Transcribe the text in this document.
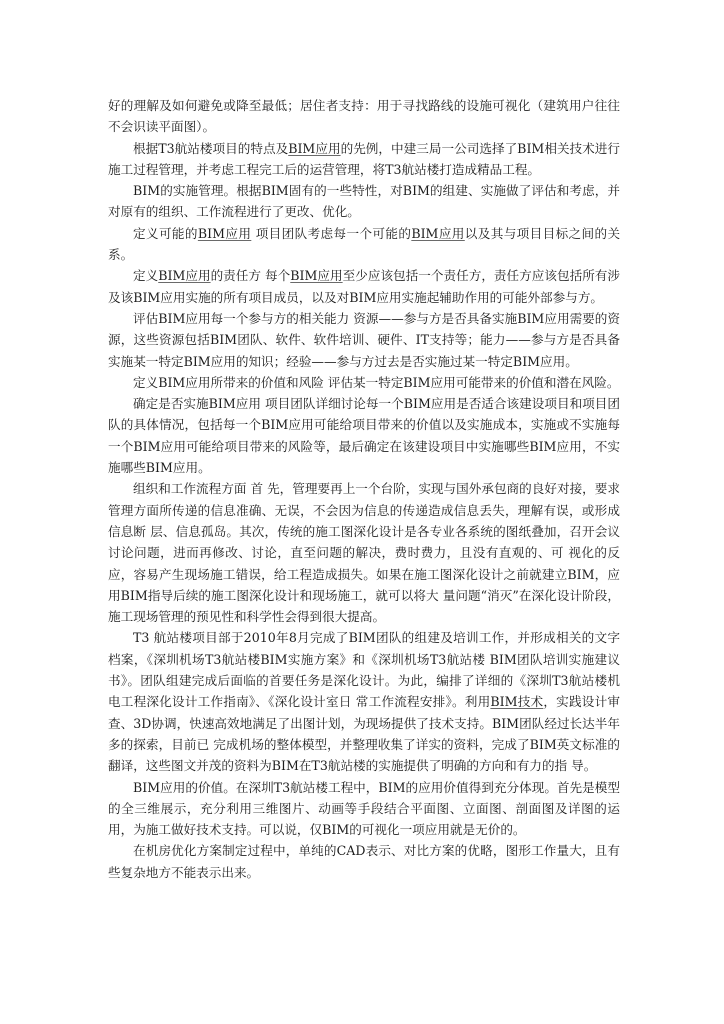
好的理解及如何避免或降至最低；居住者支持：用于寻找路线的设施可视化（建筑用户往往不会识读平面图）。

根据T3航站楼项目的特点及BIM应用的先例，中建三局一公司选择了BIM相关技术进行施工过程管理，并考虑工程完工后的运营管理，将T3航站楼打造成精品工程。

BIM的实施管理。根据BIM固有的一些特性，对BIM的组建、实施做了评估和考虑，并对原有的组织、工作流程进行了更改、优化。

定义可能的BIM应用 项目团队考虑每一个可能的BIM应用以及其与项目目标之间的关系。

定义BIM应用的责任方 每个BIM应用至少应该包括一个责任方，责任方应该包括所有涉及该BIM应用实施的所有项目成员，以及对BIM应用实施起辅助作用的可能外部参与方。

评估BIM应用每一个参与方的相关能力 资源——参与方是否具备实施BIM应用需要的资源，这些资源包括BIM团队、软件、软件培训、硬件、IT支持等；能力——参与方是否具备实施某一特定BIM应用的知识；经验——参与方过去是否实施过某一特定BIM应用。

定义BIM应用所带来的价值和风险 评估某一特定BIM应用可能带来的价值和潜在风险。

确定是否实施BIM应用 项目团队详细讨论每一个BIM应用是否适合该建设项目和项目团队的具体情况，包括每一个BIM应用可能给项目带来的价值以及实施成本，实施或不实施每一个BIM应用可能给项目带来的风险等，最后确定在该建设项目中实施哪些BIM应用，不实施哪些BIM应用。

组织和工作流程方面 首 先，管理要再上一个台阶，实现与国外承包商的良好对接，要求管理方面所传递的信息准确、无误，不会因为信息的传递造成信息丢失，理解有误，或形成信息断 层、信息孤岛。其次，传统的施工图深化设计是各专业各系统的图纸叠加，召开会议讨论问题，进而再修改、讨论，直至问题的解决，费时费力，且没有直观的、可 视化的反应，容易产生现场施工错误，给工程造成损失。如果在施工图深化设计之前就建立BIM，应用BIM指导后续的施工图深化设计和现场施工，就可以将大 量问题“消灭”在深化设计阶段，施工现场管理的预见性和科学性会得到很大提高。

T3 航站楼项目部于2010年8月完成了BIM团队的组建及培训工作，并形成相关的文字档案，《深圳机场T3航站楼BIM实施方案》和《深圳机场T3航站楼 BIM团队培训实施建议书》。团队组建完成后面临的首要任务是深化设计。为此，编排了详细的《深圳T3航站楼机电工程深化设计工作指南》、《深化设计室日 常工作流程安排》。利用BIM技术，实践设计审查、3D协调，快速高效地满足了出图计划，为现场提供了技术支持。BIM团队经过长达半年多的探索，目前已 完成机场的整体模型，并整理收集了详实的资料，完成了BIM英文标准的翻译，这些图文并茂的资料为BIM在T3航站楼的实施提供了明确的方向和有力的指 导。

BIM应用的价值。在深圳T3航站楼工程中，BIM的应用价值得到充分体现。首先是模型的全三维展示，充分利用三维图片、动画等手段结合平面图、立面图、剖面图及详图的运用，为施工做好技术支持。可以说，仅BIM的可视化一项应用就是无价的。

在机房优化方案制定过程中，单纯的CAD表示、对比方案的优略，图形工作量大，且有些复杂地方不能表示出来。
